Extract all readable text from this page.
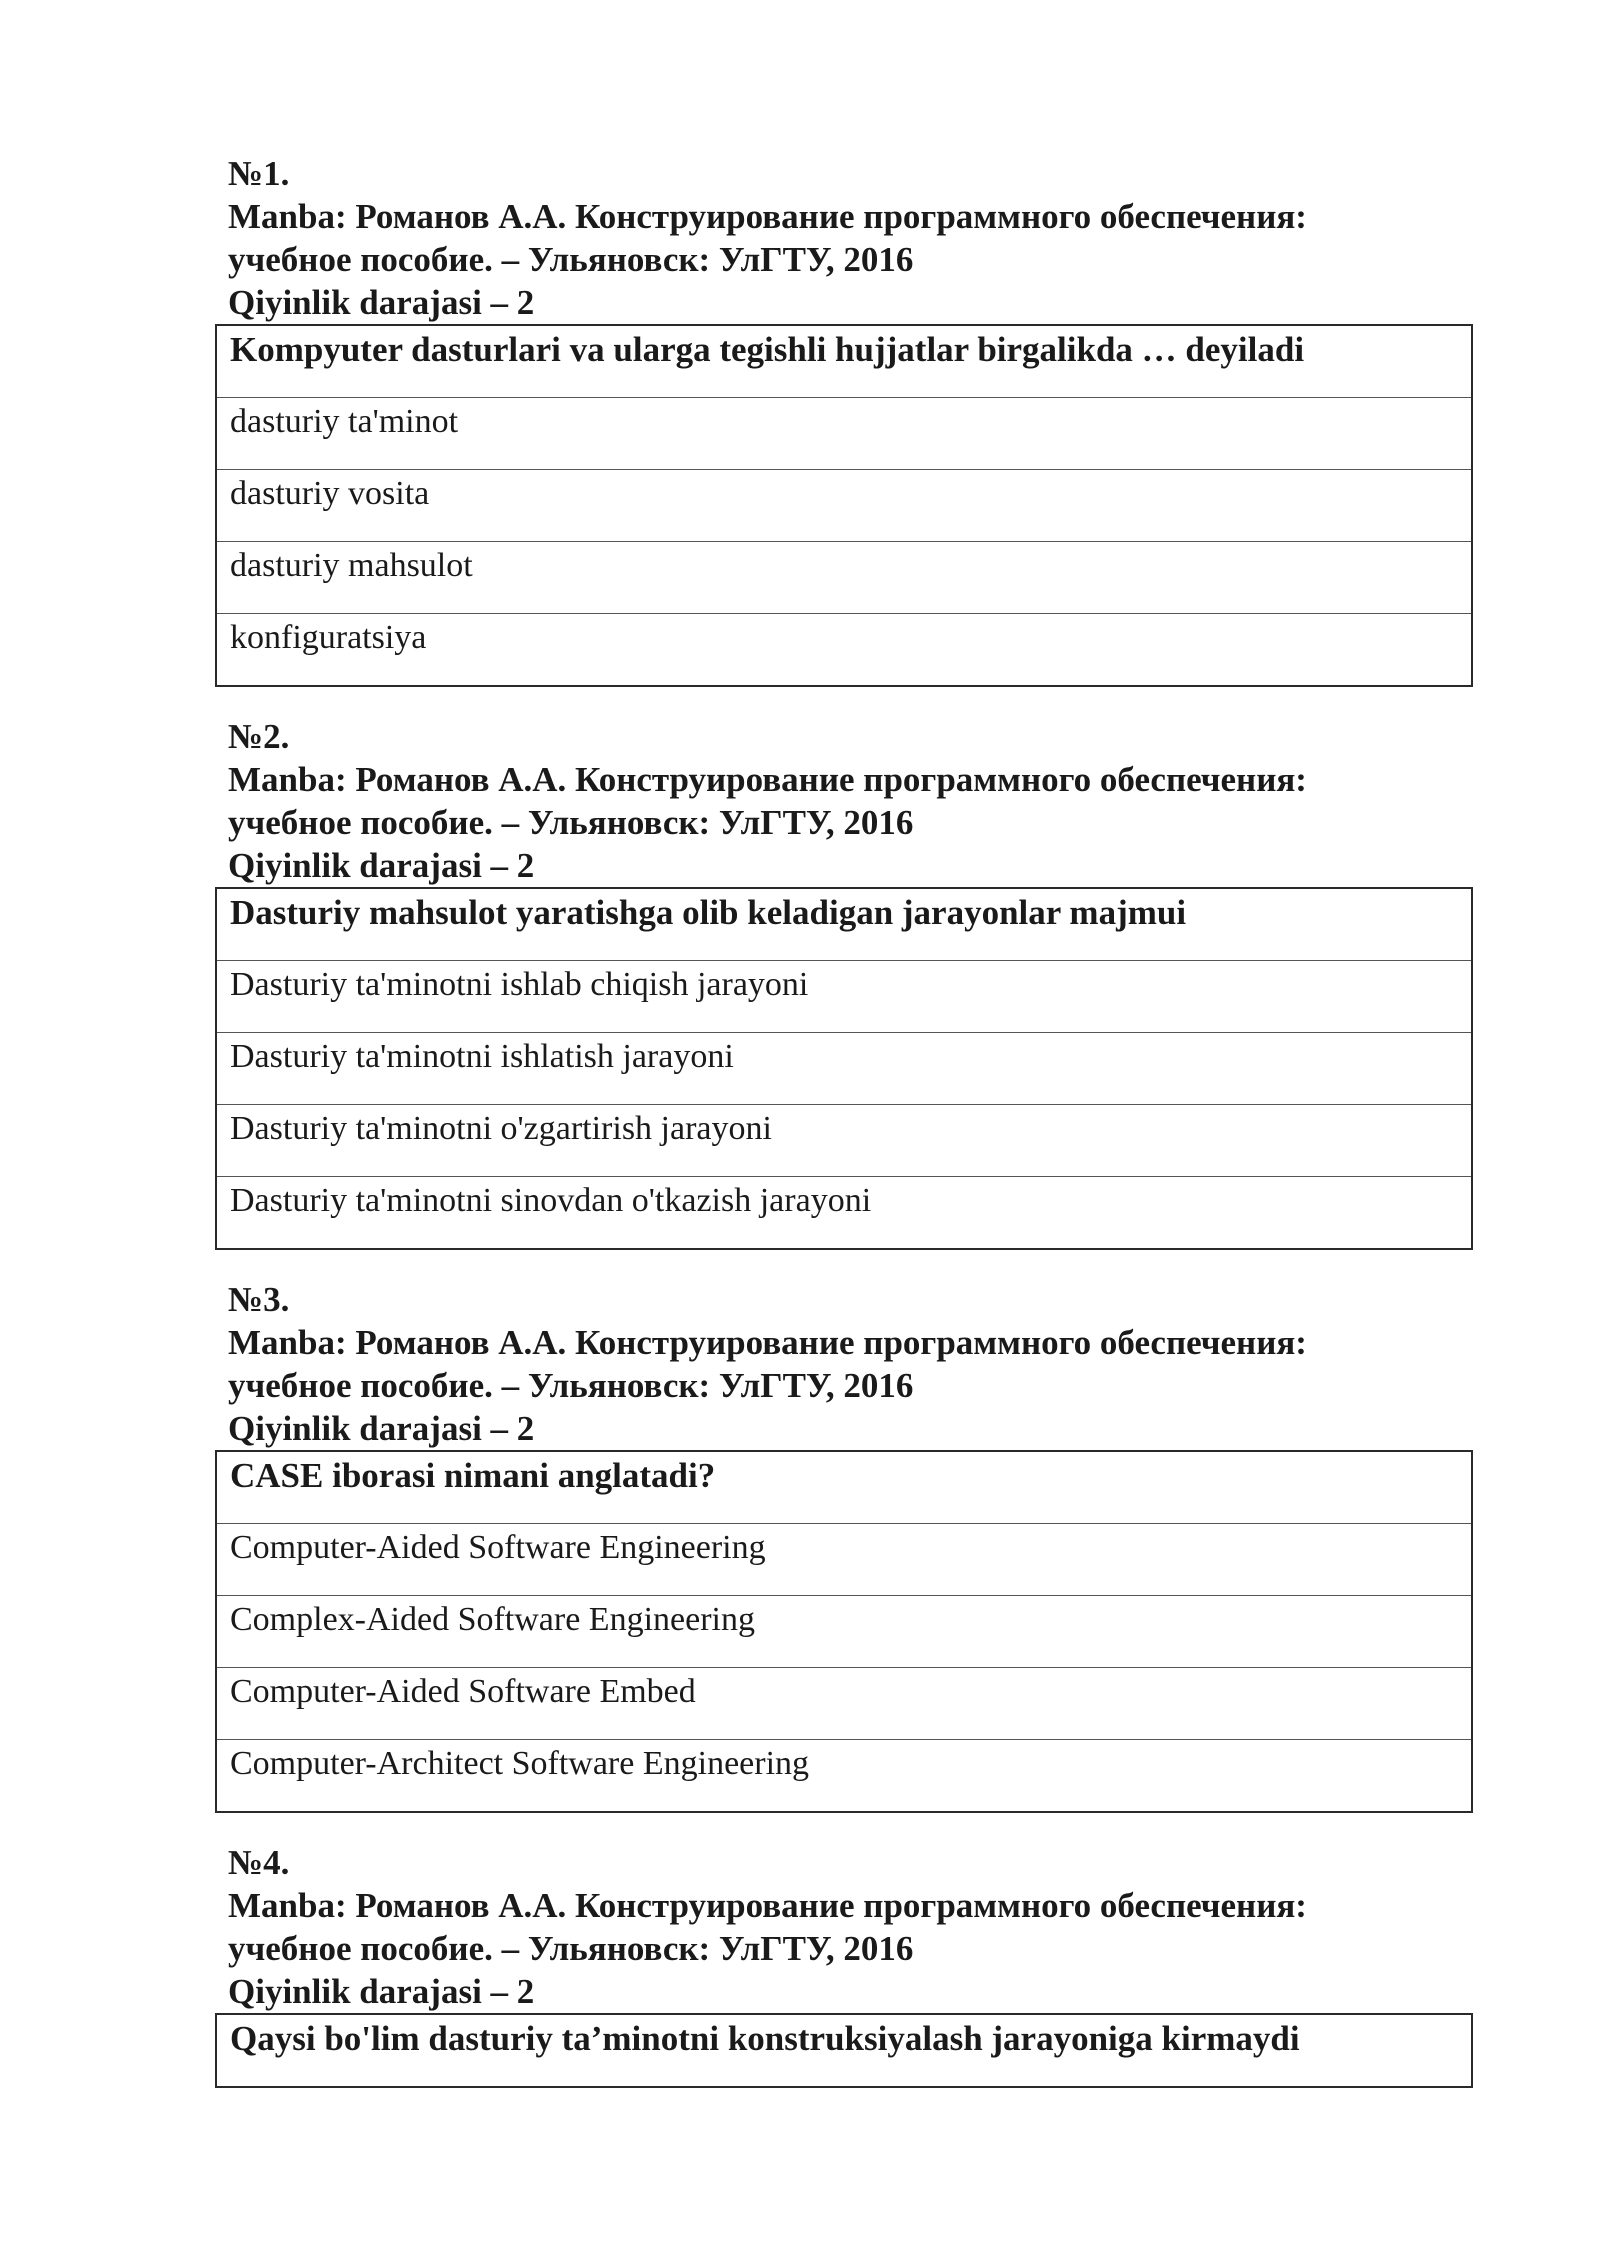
№1.
Manba: Романов А.А. Конструирование программного обеспечения:
учебное пособие. – Ульяновск: УлГТУ, 2016
Qiyinlik darajasi – 2
Kompyuter dasturlari va ularga tegishli hujjatlar birgalikda … deyiladi
dasturiy ta'minot
dasturiy vosita
dasturiy mahsulot
konfiguratsiya
№2.
Manba: Романов А.А. Конструирование программного обеспечения:
учебное пособие. – Ульяновск: УлГТУ, 2016
Qiyinlik darajasi – 2
Dasturiy mahsulot yaratishga olib keladigan jarayonlar majmui
Dasturiy ta'minotni ishlab chiqish jarayoni
Dasturiy ta'minotni ishlatish jarayoni
Dasturiy ta'minotni o'zgartirish jarayoni
Dasturiy ta'minotni sinovdan o'tkazish jarayoni
№3.
Manba: Романов А.А. Конструирование программного обеспечения:
учебное пособие. – Ульяновск: УлГТУ, 2016
Qiyinlik darajasi – 2
CASE iborasi nimani anglatadi?
Computer-Aided Software Engineering
Complex-Aided Software Engineering
Computer-Aided Software Embed
Computer-Architect Software Engineering
№4.
Manba: Романов А.А. Конструирование программного обеспечения:
учебное пособие. – Ульяновск: УлГТУ, 2016
Qiyinlik darajasi – 2
Qaysi bo'lim dasturiy ta’minotni konstruksiyalash jarayoniga kirmaydi
